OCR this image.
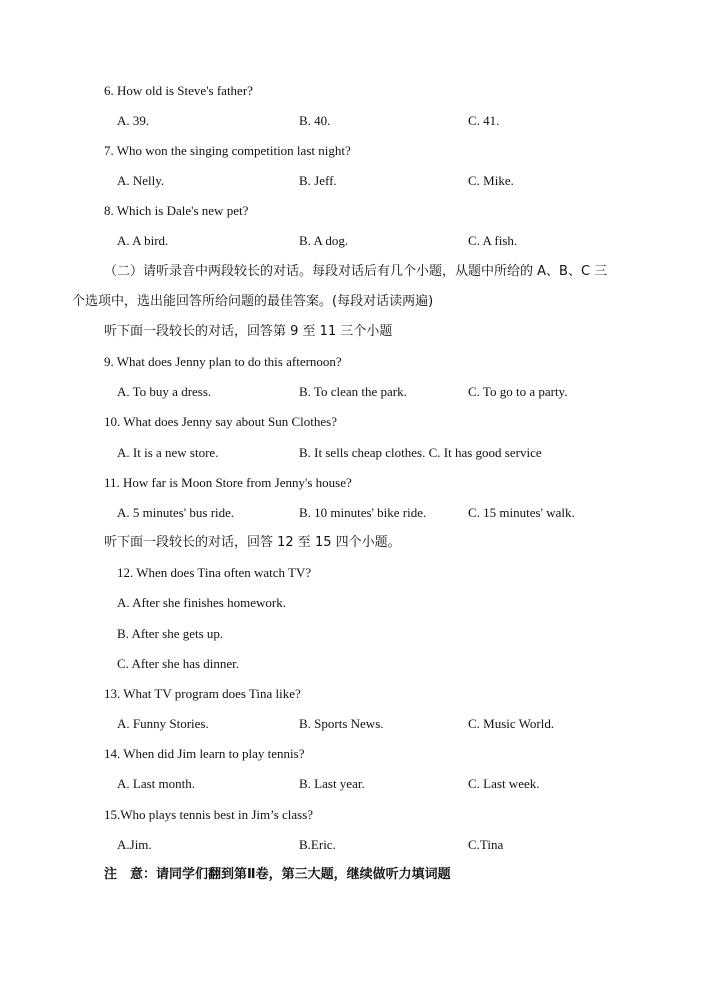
6. How old is Steve's father?
A. 39.	B. 40.	C. 41.
7. Who won the singing competition last night?
A. Nelly.	B. Jeff.	C. Mike.
8. Which is Dale's new pet?
A. A bird.	B. A dog.	C. A fish.
（二）请听录音中两段较长的对话。每段对话后有几个小题，从题中所给的 A、B、C 三
个选项中，选出能回答所给问题的最佳答案。(每段对话读两遍)
听下面一段较长的对话，回答第 9 至 11 三个小题
9. What does Jenny plan to do this afternoon?
A. To buy a dress.	B. To clean the park.	C. To go to a party.
10. What does Jenny say about Sun Clothes?
A. It is a new store.	B. It sells cheap clothes. C. It has good service
11. How far is Moon Store from Jenny's house?
A. 5 minutes' bus ride.	B. 10 minutes' bike ride.	C. 15 minutes' walk.
听下面一段较长的对话，回答 12 至 15 四个小题。
12. When does Tina often watch TV?
A. After she finishes homework.
B. After she gets up.
C. After she has dinner.
13. What TV program does Tina like?
A. Funny Stories.	B. Sports News.	C. Music World.
14. When did Jim learn to play tennis?
A. Last month.	B. Last year.	C. Last week.
15.Who plays tennis best in Jim’s class?
A.Jim.	B.Eric.	C.Tina
注　意：请同学们翻到第Ⅱ卷，第三大题，继续做听力填词题
